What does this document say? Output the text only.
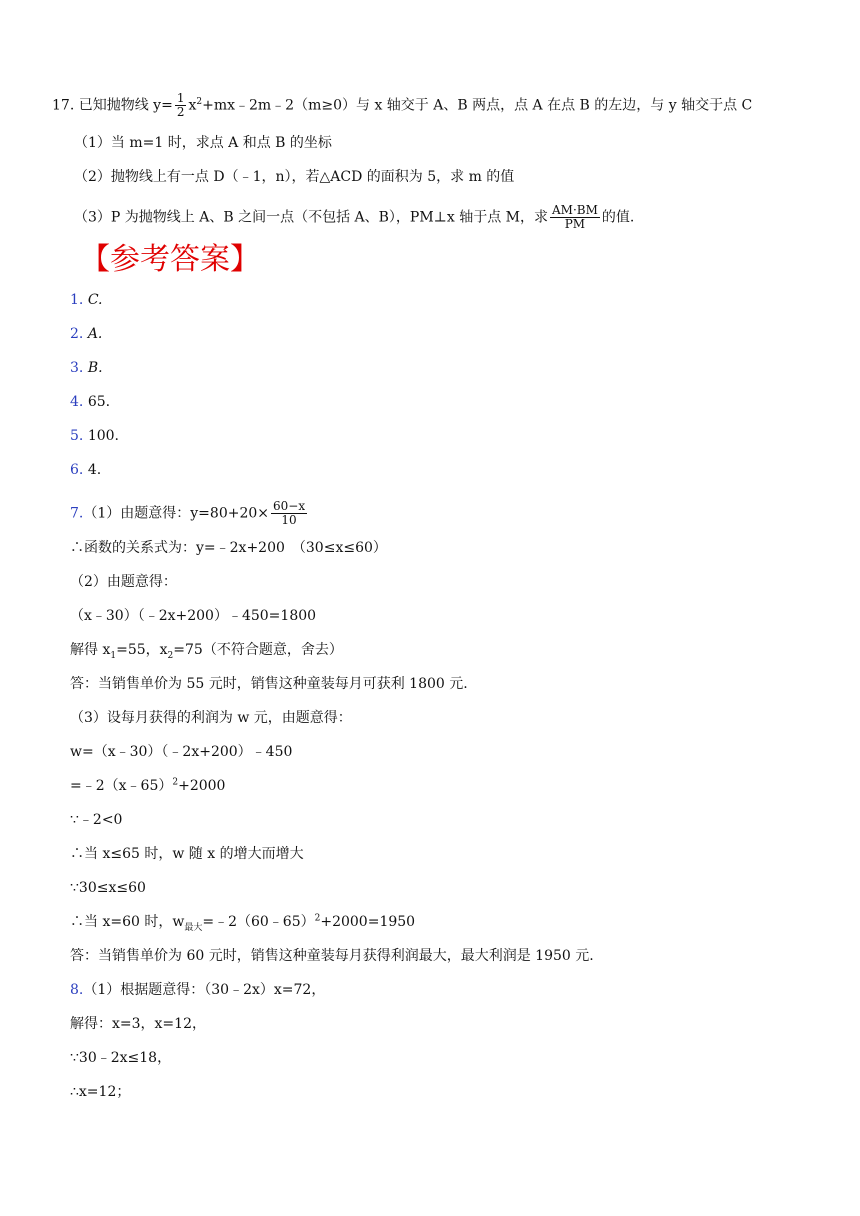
17. 已知抛物线 $y= \frac{1}{2}$ $x^2+mx﹣2m﹣2(m\ge 0)$与 x 轴交于 A、B 两点，点 A 在点 B 的左边，与 y 轴交于点 C
（1）当 m=1 时，求点 A 和点 B 的坐标
（2）抛物线上有一点 D（﹣1，n），若△ACD 的面积为 5，求 m 的值
（3）P 为抛物线上 A、B 之间一点（不包括 A、B），PM⊥x 轴于点 M，求 $\frac{AM\cdot BM}{PM}$ 的值.
【参考答案】
1. C.
2. A.
3. B.
4. 65.
5. 100.
6. 4.
7.（1）由题意得：$y=80+20\times \frac{60-x}{10}$
∴函数的关系式为：y=﹣2x+200　（30≤x≤60）
（2）由题意得：
（x﹣30）（﹣2x+200）﹣450=1800
解得 $x_1=55$，$x_2=75$（不符合题意，舍去）
答：当销售单价为 55 元时，销售这种童装每月可获利 1800 元.
（3）设每月获得的利润为 w 元，由题意得：
w=（x﹣30）（﹣2x+200）﹣450
=﹣2（x﹣65）$^2$+2000
∵﹣2<0
∴当 x≤65 时，w 随 x 的增大而增大
∵30≤x≤60
∴当 x=60 时，$w_{最大}=﹣2(60﹣65)^2+2000=1950$
答：当销售单价为 60 元时，销售这种童装每月获得利润最大，最大利润是 1950 元.
8.（1）根据题意得：（30﹣2x）x=72，
解得：x=3，x=12，
∵30﹣2x≤18，
∴x=12；
